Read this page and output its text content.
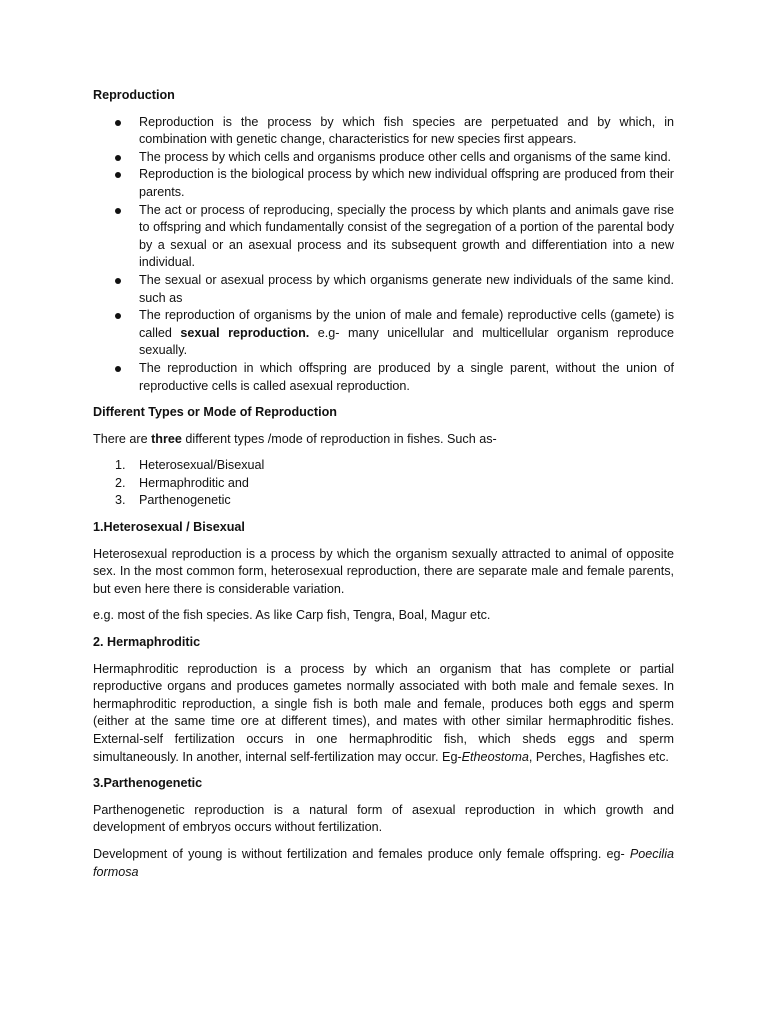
Reproduction
Reproduction is the process by which fish species are perpetuated and by which, in combination with genetic change, characteristics for new species first appears.
The process by which cells and organisms produce other cells and organisms of the same kind.
Reproduction is the biological process by which new individual offspring are produced from their parents.
The act or process of reproducing, specially the process by which plants and animals gave rise to offspring and which fundamentally consist of the segregation of a portion of the parental body by a sexual or an asexual process and its subsequent growth and differentiation into a new individual.
The sexual or asexual process by which organisms generate new individuals of the same kind. such as
The reproduction of organisms by the union of male and female) reproductive cells (gamete) is called sexual reproduction. e.g- many unicellular and multicellular organism reproduce sexually.
The reproduction in which offspring are produced by a single parent, without the union of reproductive cells is called asexual reproduction.
Different Types or Mode of Reproduction

There are three different types /mode of reproduction in fishes. Such as-

1. Heterosexual/Bisexual
2. Hermaphroditic and
3. Parthenogenetic
1.Heterosexual / Bisexual

Heterosexual reproduction is a process by which the organism sexually attracted to animal of opposite sex. In the most common form, heterosexual reproduction, there are separate male and female parents, but even here there is considerable variation.

e.g. most of the fish species. As like Carp fish, Tengra, Boal, Magur etc.

2. Hermaphroditic

Hermaphroditic reproduction is a process by which an organism that has complete or partial reproductive organs and produces gametes normally associated with both male and female sexes. In hermaphroditic reproduction, a single fish is both male and female, produces both eggs and sperm (either at the same time ore at different times), and mates with other similar hermaphroditic fishes. External-self fertilization occurs in one hermaphroditic fish, which sheds eggs and sperm simultaneously. In another, internal self-fertilization may occur. Eg-Etheostoma, Perches, Hagfishes etc.

3.Parthenogenetic

Parthenogenetic reproduction is a natural form of asexual reproduction in which growth and development of embryos occurs without fertilization.

Development of young is without fertilization and females produce only female offspring. eg- Poecilia formosa
